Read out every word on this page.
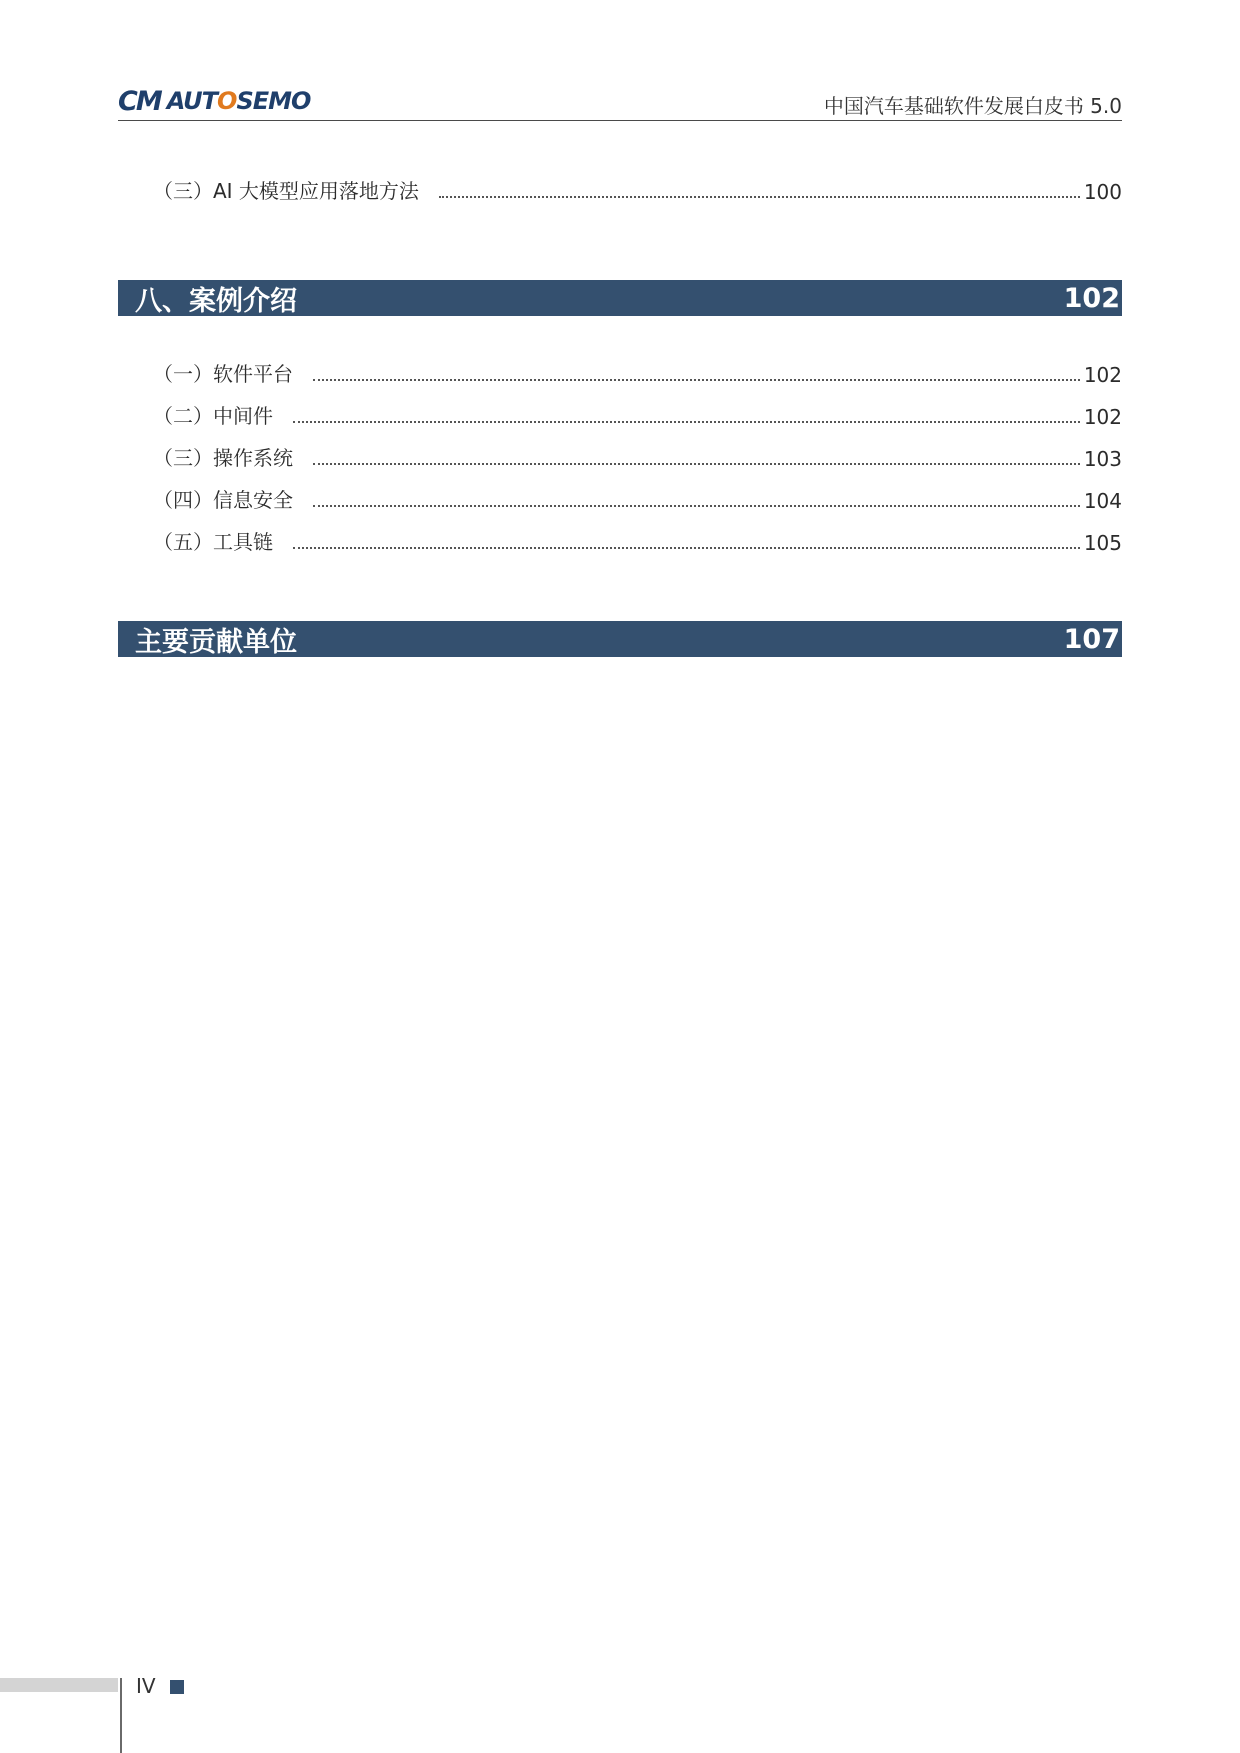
CM AUTOSEMO	中国汽车基础软件发展白皮书 5.0
（三）AI 大模型应用落地方法	100
八、案例介绍	102
（一）软件平台	102
（二）中间件	102
（三）操作系统	103
（四）信息安全	104
（五）工具链	105
主要贡献单位	107
IV
